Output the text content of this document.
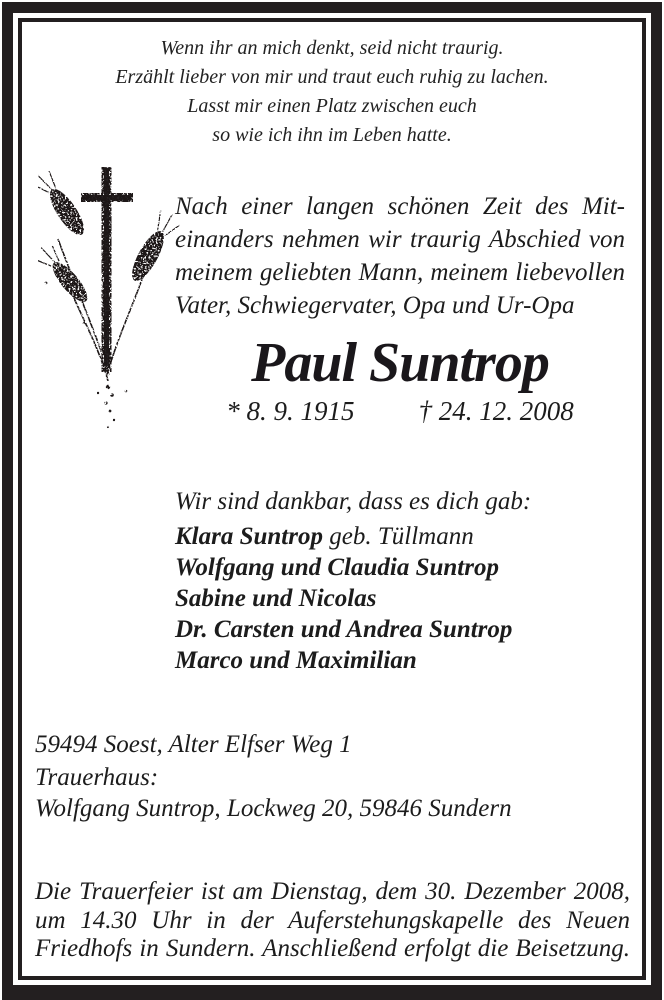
Wenn ihr an mich denkt, seid nicht traurig.
Erzählt lieber von mir und traut euch ruhig zu lachen.
Lasst mir einen Platz zwischen euch
so wie ich ihn im Leben hatte.
Nach einer langen schönen Zeit des Mit-
einanders nehmen wir traurig Abschied von
meinem geliebten Mann, meinem liebevollen
Vater, Schwiegervater, Opa und Ur-Opa
Paul Suntrop
* 8. 9. 1915 † 24. 12. 2008
Wir sind dankbar, dass es dich gab:
Klara Suntrop geb. Tüllmann
Wolfgang und Claudia Suntrop
Sabine und Nicolas
Dr. Carsten und Andrea Suntrop
Marco und Maximilian
59494 Soest, Alter Elfser Weg 1
Trauerhaus:
Wolfgang Suntrop, Lockweg 20, 59846 Sundern
Die Trauerfeier ist am Dienstag, dem 30. Dezember 2008,
um 14.30 Uhr in der Auferstehungskapelle des Neuen
Friedhofs in Sundern. Anschließend erfolgt die Beisetzung.
